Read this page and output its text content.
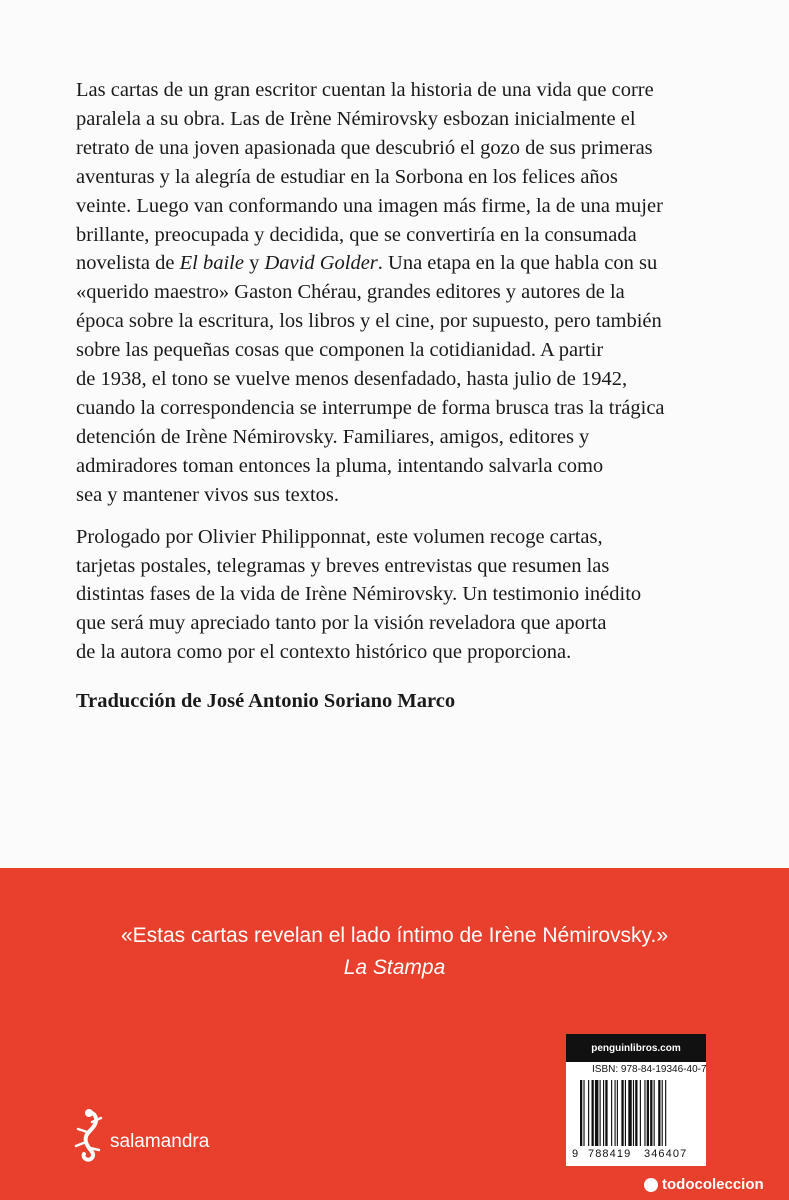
Las cartas de un gran escritor cuentan la historia de una vida que corre
paralela a su obra. Las de Irène Némirovsky esbozan inicialmente el
retrato de una joven apasionada que descubrió el gozo de sus primeras
aventuras y la alegría de estudiar en la Sorbona en los felices años
veinte. Luego van conformando una imagen más firme, la de una mujer
brillante, preocupada y decidida, que se convertiría en la consumada
novelista de El baile y David Golder. Una etapa en la que habla con su
«querido maestro» Gaston Chérau, grandes editores y autores de la
época sobre la escritura, los libros y el cine, por supuesto, pero también
sobre las pequeñas cosas que componen la cotidianidad. A partir
de 1938, el tono se vuelve menos desenfadado, hasta julio de 1942,
cuando la correspondencia se interrumpe de forma brusca tras la trágica
detención de Irène Némirovsky. Familiares, amigos, editores y
admiradores toman entonces la pluma, intentando salvarla como
sea y mantener vivos sus textos.

Prologado por Olivier Philipponnat, este volumen recoge cartas,
tarjetas postales, telegramas y breves entrevistas que resumen las
distintas fases de la vida de Irène Némirovsky. Un testimonio inédito
que será muy apreciado tanto por la visión reveladora que aporta
de la autora como por el contexto histórico que proporciona.

Traducción de José Antonio Soriano Marco
«Estas cartas revelan el lado íntimo de Irène Némirovsky.»
La Stampa
salamandra
penguinlibros.com
ISBN: 978-84-19346-40-7
9 788419 346407
todocoleccion
